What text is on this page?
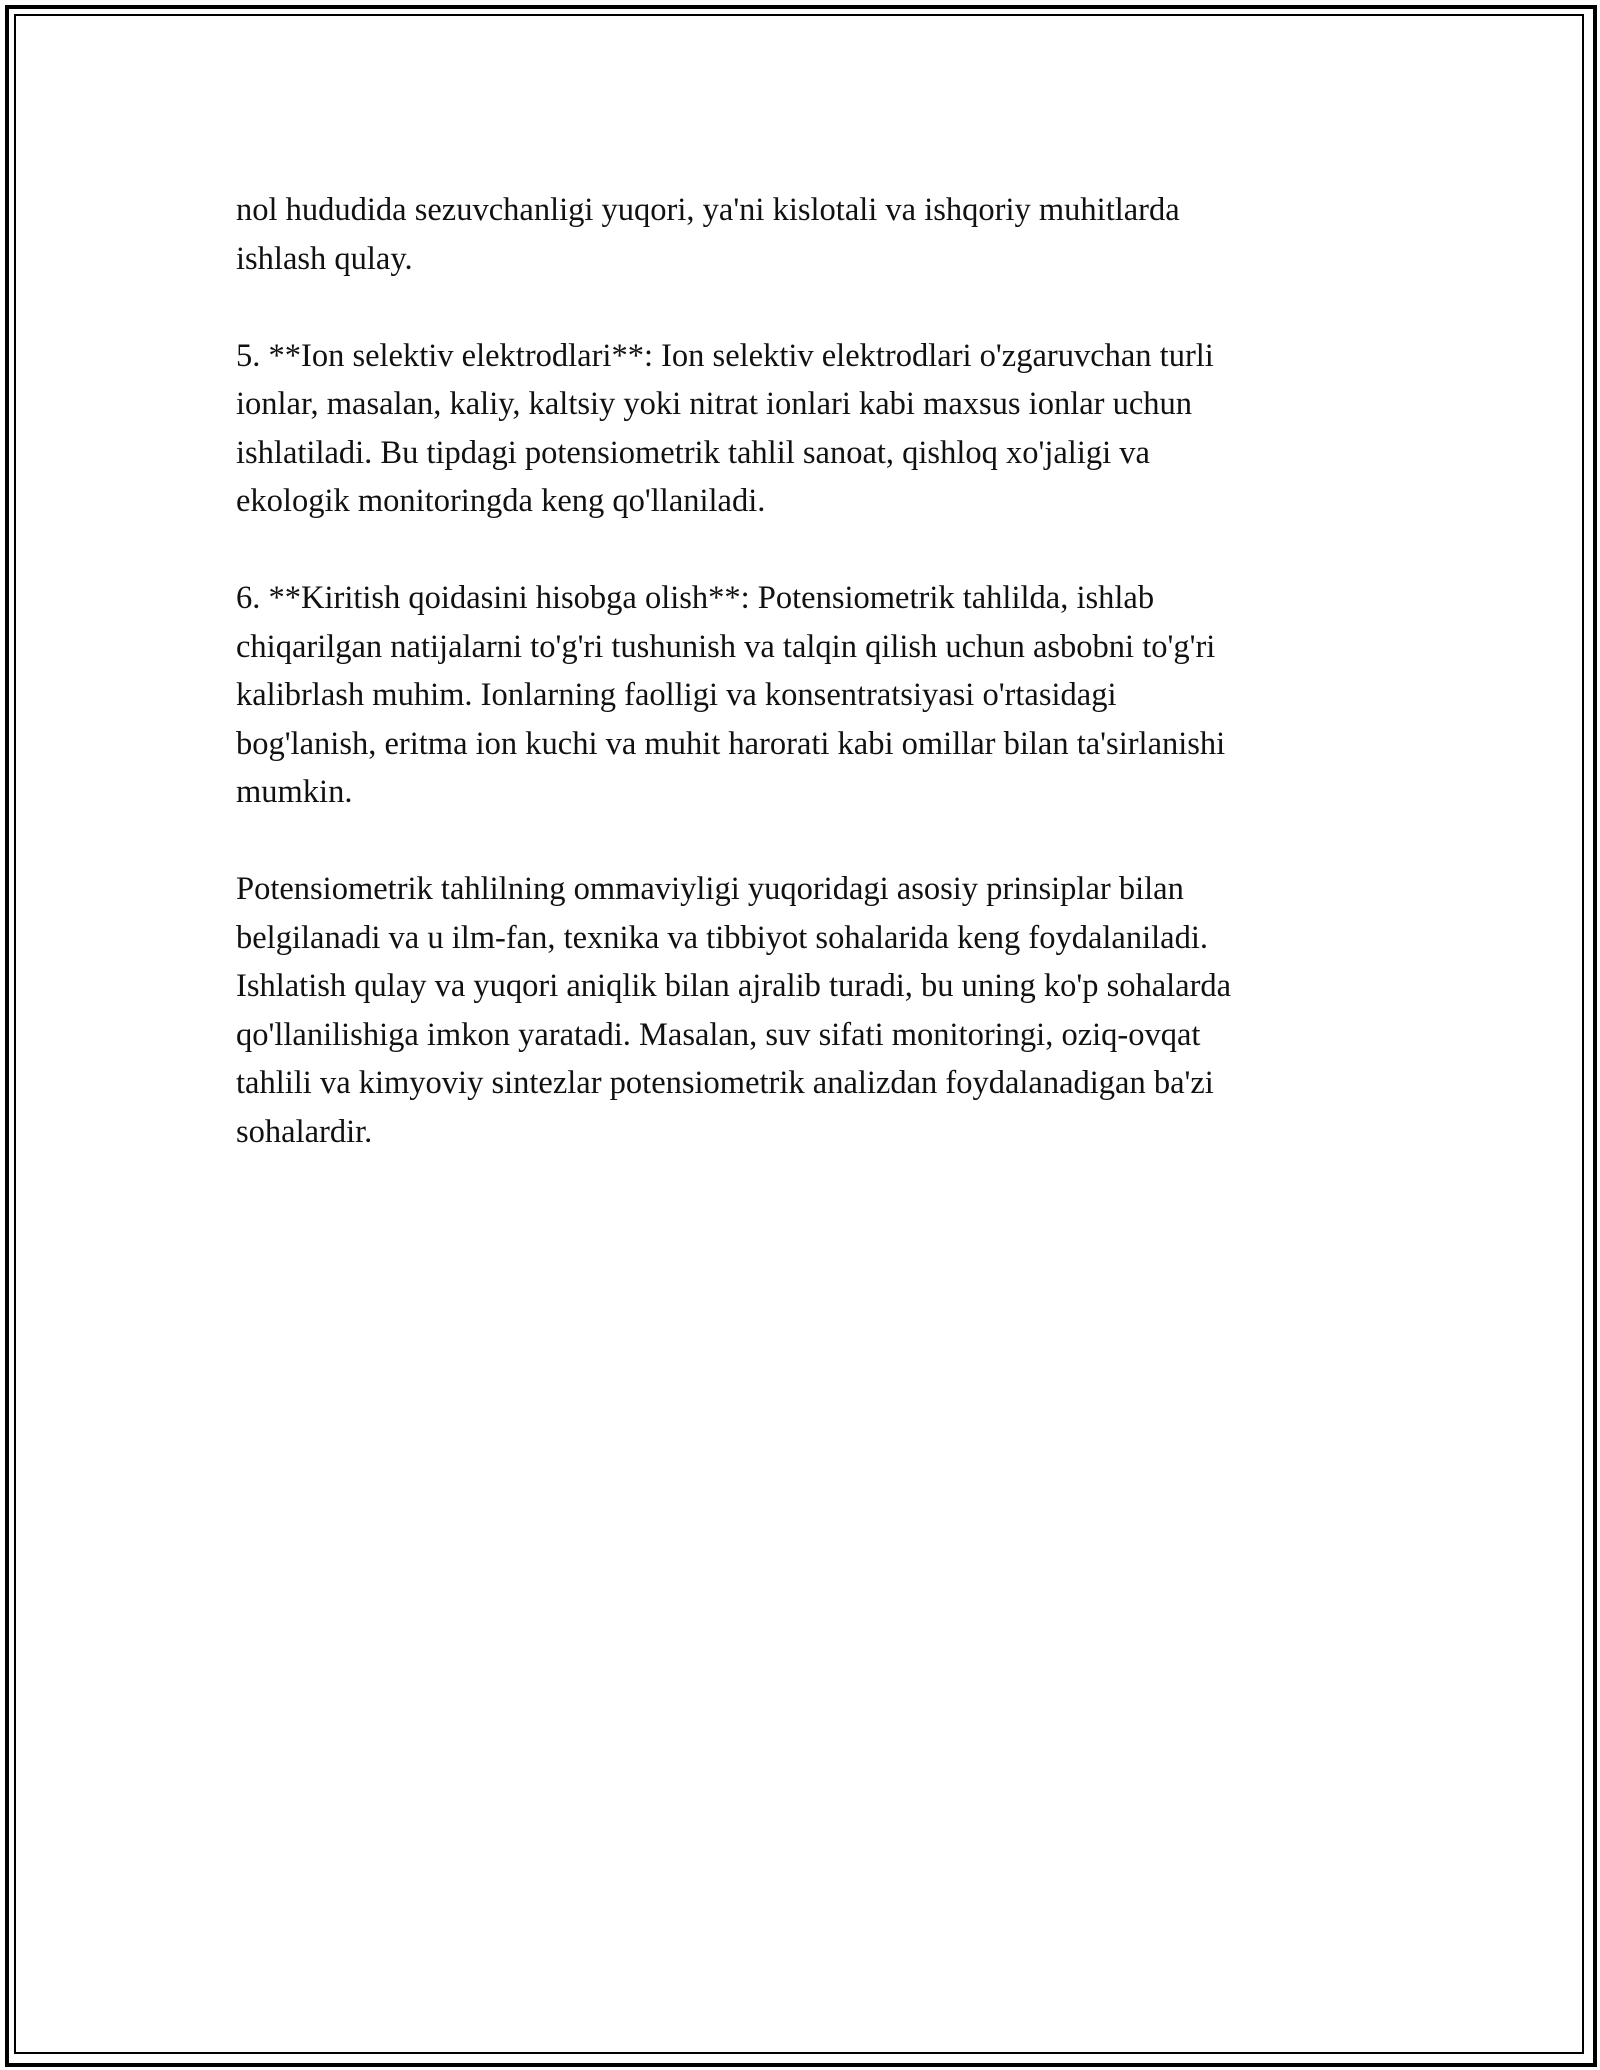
nol hududida sezuvchanligi yuqori, ya'ni kislotali va ishqoriy muhitlarda
ishlash qulay.

5. **Ion selektiv elektrodlari**: Ion selektiv elektrodlari o'zgaruvchan turli
ionlar, masalan, kaliy, kaltsiy yoki nitrat ionlari kabi maxsus ionlar uchun
ishlatiladi. Bu tipdagi potensiometrik tahlil sanoat, qishloq xo'jaligi va
ekologik monitoringda keng qo'llaniladi.

6. **Kiritish qoidasini hisobga olish**: Potensiometrik tahlilda, ishlab
chiqarilgan natijalarni to'g'ri tushunish va talqin qilish uchun asbobni to'g'ri
kalibrlash muhim. Ionlarning faolligi va konsentratsiyasi o'rtasidagi
bog'lanish, eritma ion kuchi va muhit harorati kabi omillar bilan ta'sirlanishi
mumkin.

Potensiometrik tahlilning ommaviyligi yuqoridagi asosiy prinsiplar bilan
belgilanadi va u ilm-fan, texnika va tibbiyot sohalarida keng foydalaniladi.
Ishlatish qulay va yuqori aniqlik bilan ajralib turadi, bu uning ko'p sohalarda
qo'llanilishiga imkon yaratadi. Masalan, suv sifati monitoringi, oziq-ovqat
tahlili va kimyoviy sintezlar potensiometrik analizdan foydalanadigan ba'zi
sohalardir.
